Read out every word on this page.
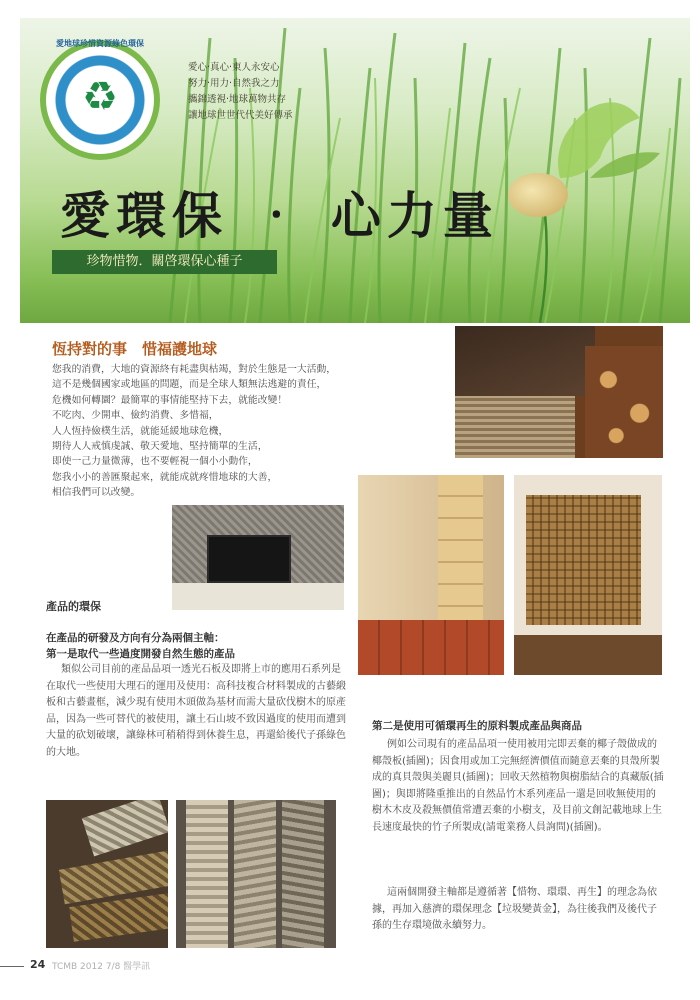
愛地球珍惜資源綠色環保
♻
愛心‧真心‧東人永安心
努力‧用力‧自然我之力
攜錦透視‧地球萬物共存
讓地球世世代代美好傳承
愛環保 ‧ 心力量
珍物惜物．關啓環保心種子
恆持對的事　惜福護地球

您我的消費，大地的資源終有耗盡與枯竭，對於生態是一大活動，

這不是幾個國家或地區的問題，而是全球人類無法逃避的責任，

危機如何轉圜？最簡單的事情能堅持下去，就能改變！

不吃肉、少開車、儉約消費、多惜福，

人人恆持儉樸生活，就能延緩地球危機，

期待人人戒慎虔誠、敬天愛地、堅持簡單的生活，

即使一己力量微薄，也不要輕視一個小小動作，

您我小小的善匯聚起來，就能成就疼惜地球的大善，

相信我們可以改變。

產品的環保
在產品的研發及方向有分為兩個主軸：
第一是取代一些過度開發自然生態的產品
類似公司目前的產品品項一透光石板及即將上市的應用石系列是在取代一些使用大理石的運用及使用：高科技複合材料製成的古藝緞板和古藝畫框，減少現有使用木頭做為基材而需大量砍伐樹木的原產品，因為一些可替代的被使用，讓土石山坡不致因過度的使用而遭到大量的砍划破壞，讓綠林可稍稍得到休養生息，再還給後代子孫綠色的大地。
第二是使用可循環再生的原料製成產品與商品
例如公司現有的產品品項一使用被用完即丟棄的椰子殼做成的椰殼板(插圖)；因食用或加工完無經濟價值而隨意丟棄的貝殼所製成的真貝殼與美麗貝(插圖)；回收天然植物與樹脂結合的真藏版(插圖)；與即將隆重推出的自然品竹木系列產品一還是回收無使用的樹木木皮及殺無價值常遭丟棄的小樹支，及目前文創記載地球上生長速度最快的竹子所製成(請電業務人員詢問)(插圖)。
這兩個開發主軸都是遵循著【惜物、環環、再生】的理念為依據，再加入慈濟的環保理念【垃圾變黃金】，為往後我們及後代子孫的生存環境做永續努力。
24 TCMB 2012 7/8 醫學訊
